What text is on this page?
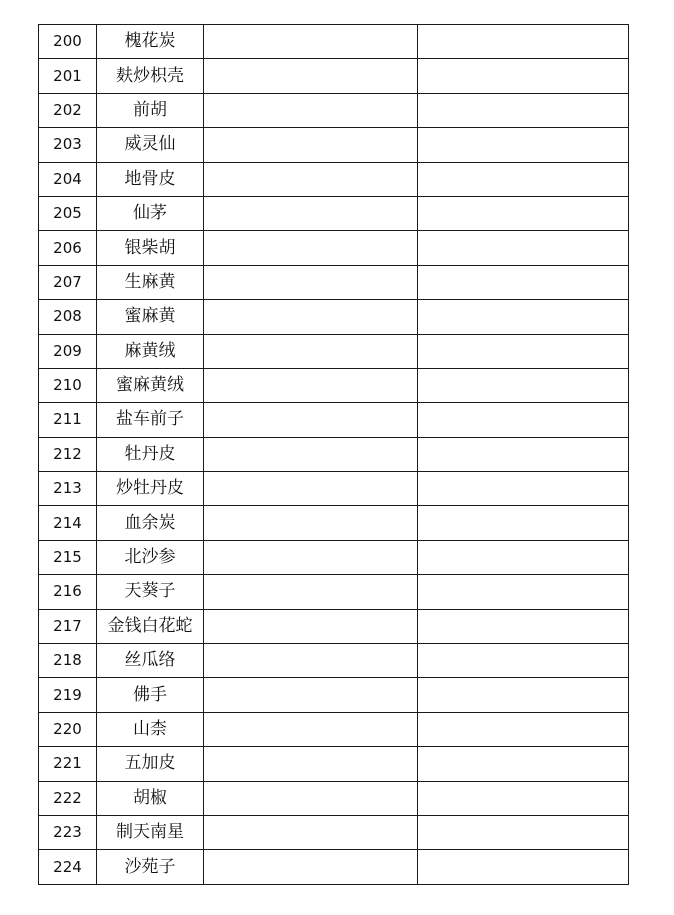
200	槐花炭		
201	麸炒枳壳		
202	前胡		
203	威灵仙		
204	地骨皮		
205	仙茅		
206	银柴胡		
207	生麻黄		
208	蜜麻黄		
209	麻黄绒		
210	蜜麻黄绒		
211	盐车前子		
212	牡丹皮		
213	炒牡丹皮		
214	血余炭		
215	北沙参		
216	天葵子		
217	金钱白花蛇		
218	丝瓜络		
219	佛手		
220	山柰		
221	五加皮		
222	胡椒		
223	制天南星		
224	沙苑子		
